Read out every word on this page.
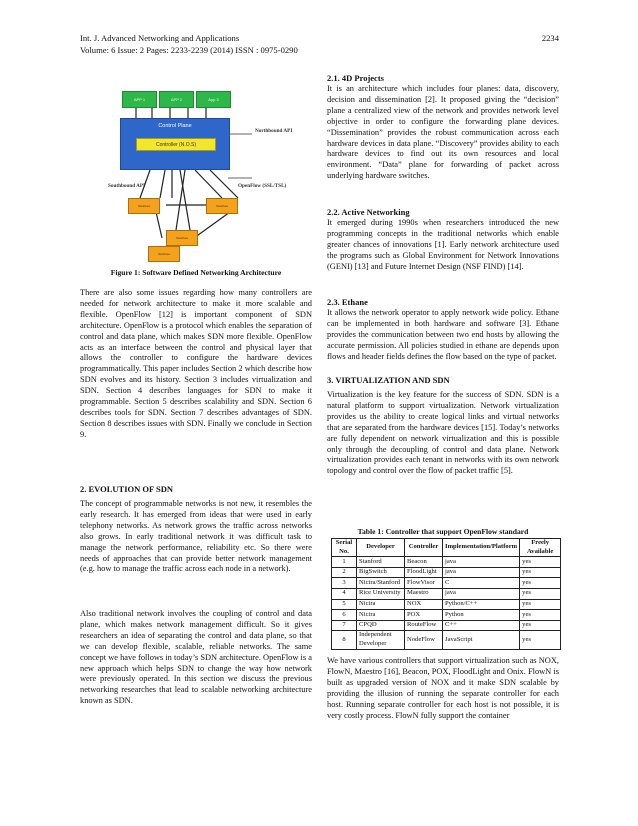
Int. J. Advanced Networking and Applications
Volume: 6 Issue: 2 Pages: 2233-2239 (2014) ISSN : 0975-0290
2234
APP 1	APP 2	App 3
Control Plane
Controller (N.O.S)
Northbound API
Southbound API	OpenFlow (SSL/TSL)
Switches	Switches
Switches
Switches
Figure 1: Software Defined Networking Architecture

There are also some issues regarding how many controllers are needed for network architecture to make it more scalable and flexible. OpenFlow [12] is important component of SDN architecture. OpenFlow is a protocol which enables the separation of control and data plane, which makes SDN more flexible. OpenFlow acts as an interface between the control and physical layer that allows the controller to configure the hardware devices programmatically. This paper includes Section 2 which describe how SDN evolves and its history. Section 3 includes virtualization and SDN. Section 4 describes languages for SDN to make it programmable. Section 5 describes scalability and SDN. Section 6 describes tools for SDN. Section 7 describes advantages of SDN. Section 8 describes issues with SDN. Finally we conclude in Section 9.

2. EVOLUTION OF SDN

The concept of programmable networks is not new, it resembles the early research. It has emerged from ideas that were used in early telephony networks. As network grows the traffic across networks also grows. In early traditional network it was difficult task to manage the network performance, reliability etc. So there were needs of approaches that can provide better network management (e.g. how to manage the traffic across each node in a network).

Also traditional network involves the coupling of control and data plane, which makes network management difficult. So it gives researchers an idea of separating the control and data plane, so that we can develop flexible, scalable, reliable networks. The same concept we have follows in today’s SDN architecture. OpenFlow is a new approach which helps SDN to change the way how network were previously operated. In this section we discuss the previous networking researches that lead to scalable networking architecture known as SDN.

2.1. 4D Projects

It is an architecture which includes four planes: data, discovery, decision and dissemination [2]. It proposed giving the “decision” plane a centralized view of the network and provides network level objective in order to configure the forwarding plane devices. “Dissemination” provides the robust communication across each hardware devices in data plane. “Discovery” provides ability to each hardware devices to find out its own resources and local environment. “Data” plane for forwarding of packet across underlying hardware switches.

2.2. Active Networking

It emerged during 1990s when researchers introduced the new programming concepts in the traditional networks which enable greater chances of innovations [1]. Early network architecture used the programs such as Global Environment for Network Innovations (GENI) [13] and Future Internet Design (NSF FIND) [14].

2.3. Ethane

It allows the network operator to apply network wide policy. Ethane can be implemented in both hardware and software [3]. Ethane provides the communication between two end hosts by allowing the accurate permission. All policies studied in ethane are depends upon flows and header fields defines the flow based on the type of packet.

3. VIRTUALIZATION AND SDN

Virtualization is the key feature for the success of SDN. SDN is a natural platform to support virtualization. Network virtualization provides us the ability to create logical links and virtual networks that are separated from the hardware devices [15]. Today’s networks are fully dependent on network virtualization and this is possible only through the decoupling of control and data plane. Network virtualization provides each tenant in networks with its own network topology and control over the flow of packet traffic [5].

Table 1: Controller that support OpenFlow standard
Serial No.	Developer	Controller	Implementation/Platform	Freely Available
1	Stanford	Beacon	java	yes
2	BigSwitch	FloodLight	java	yes
3	Nicira/Stanford	FlowVisor	C	yes
4	Rice University	Maestro	java	yes
5	Nicira	NOX	Python/C++	yes
6	Nicira	POX	Python	yes
7	CPQD	RouteFlow	C++	yes
8	Independent Developer	NodeFlow	JavaScript	yes

We have various controllers that support virtualization such as NOX, FlowN, Maestro [16], Beacon, POX, FloodLight and Onix. FlowN is built as upgraded version of NOX and it make SDN scalable by providing the illusion of running the separate controller for each host. Running separate controller for each host is not possible, it is very costly process. FlowN fully support the container
